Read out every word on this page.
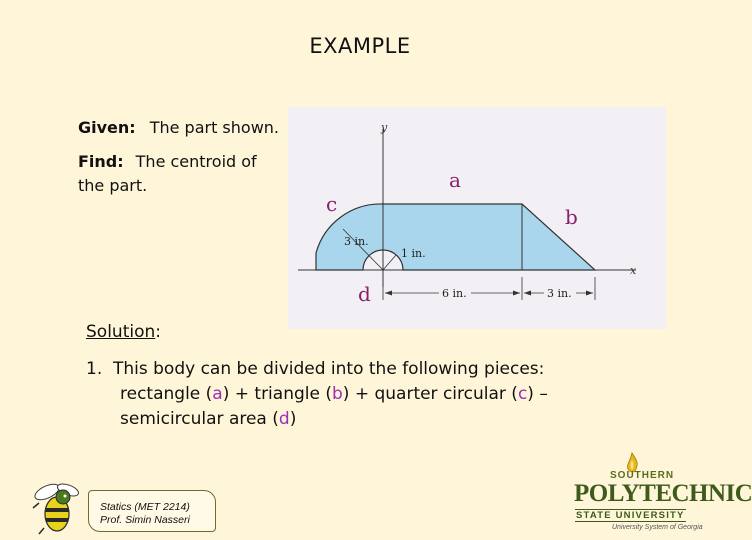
EXAMPLE
Given: The part shown.
Find: The centroid of
the part.
y
x
3 in.
1 in.
6 in.	3 in.
a
b
c
d
Solution:
1. This body can be divided into the following pieces:
rectangle (a) + triangle (b) + quarter circular (c) –
semicircular area (d)
Statics (MET 2214)
Prof. Simin Nasseri
SOUTHERN
POLYTECHNIC
STATE UNIVERSITY
University System of Georgia
